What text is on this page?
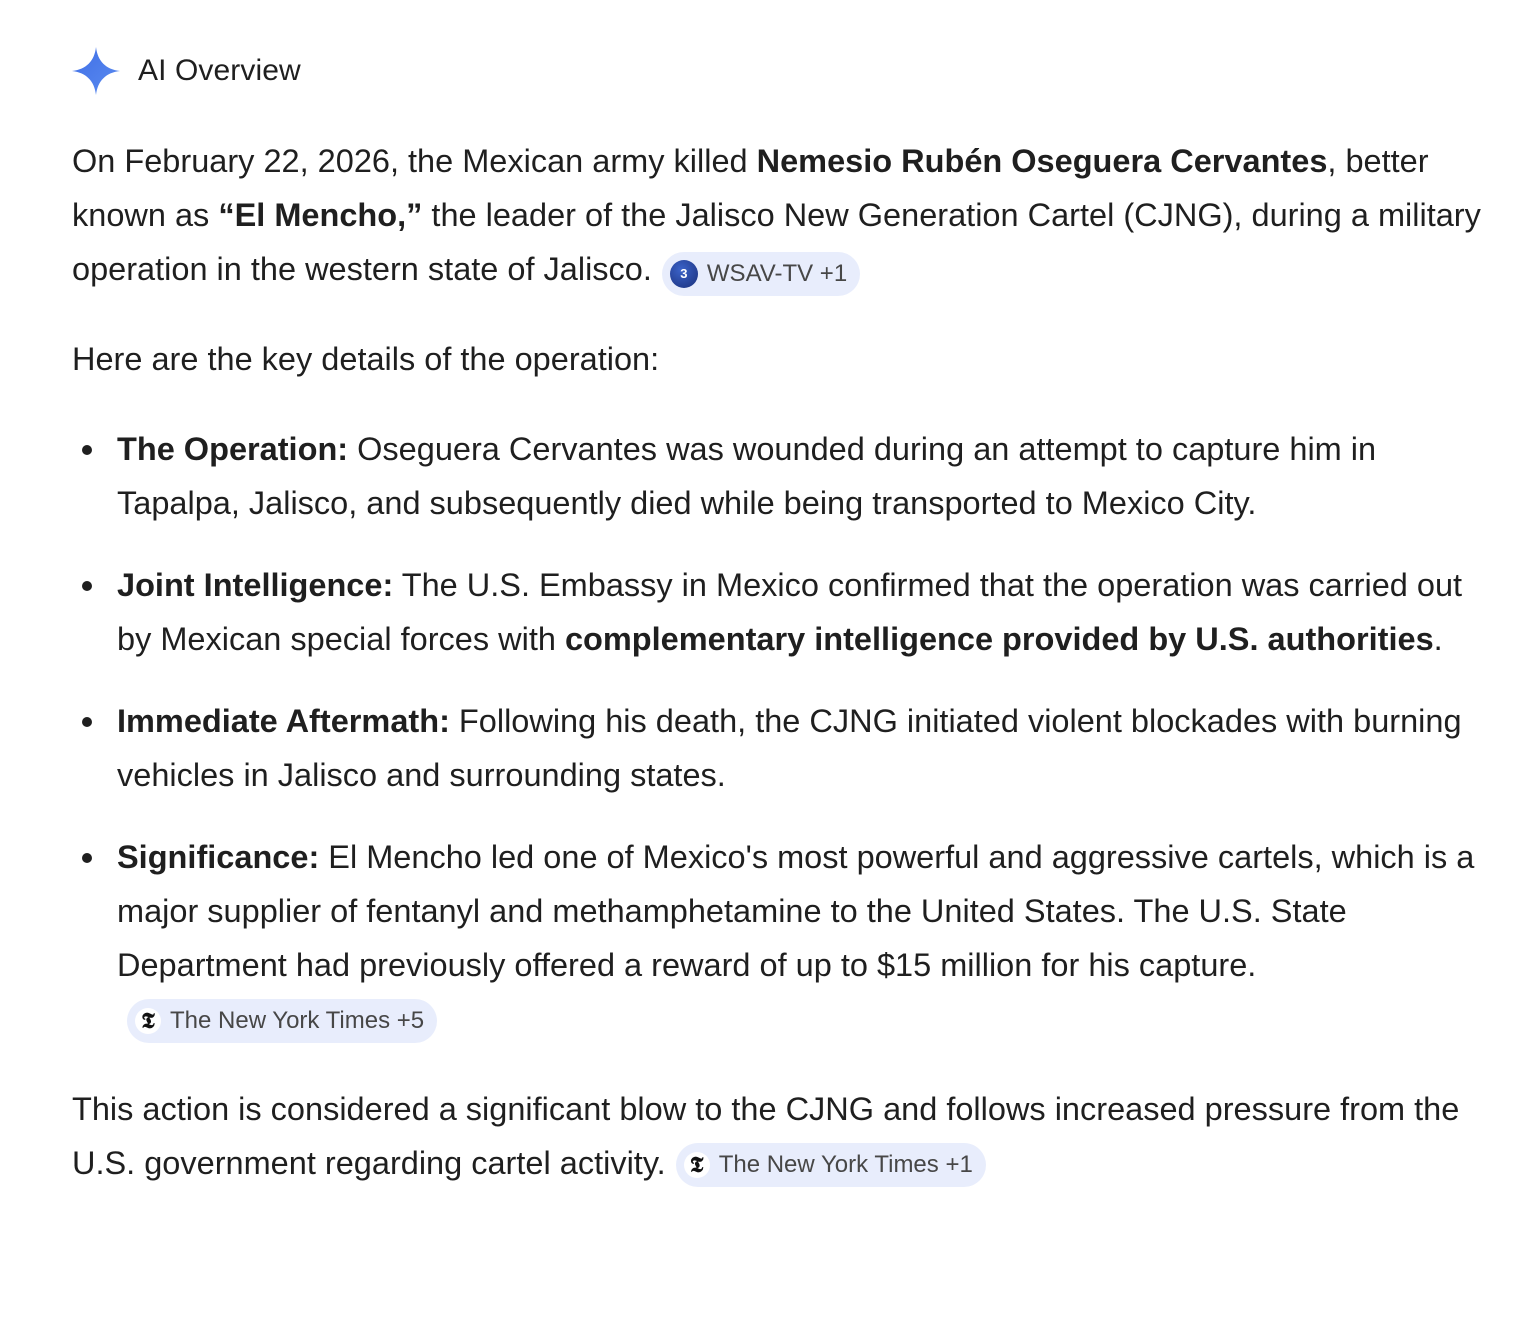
AI Overview

On February 22, 2026, the Mexican army killed Nemesio Rubén Oseguera Cervantes, better known as “El Mencho,” the leader of the Jalisco New Generation Cartel (CJNG), during a military operation in the western state of Jalisco.	3 WSAV-TV +1

Here are the key details of the operation:

The Operation: Oseguera Cervantes was wounded during an attempt to capture him in Tapalpa, Jalisco, and subsequently died while being transported to Mexico City.
Joint Intelligence: The U.S. Embassy in Mexico confirmed that the operation was carried out by Mexican special forces with complementary intelligence provided by U.S. authorities.
Immediate Aftermath: Following his death, the CJNG initiated violent blockades with burning vehicles in Jalisco and surrounding states.
Significance: El Mencho led one of Mexico's most powerful and aggressive cartels, which is a major supplier of fentanyl and methamphetamine to the United States. The U.S. State Department had previously offered a reward of up to $15 million for his capture.
𝕿 The New York Times +5

This action is considered a significant blow to the CJNG and follows increased pressure from the U.S. government regarding cartel activity. 𝕿 The New York Times +1
